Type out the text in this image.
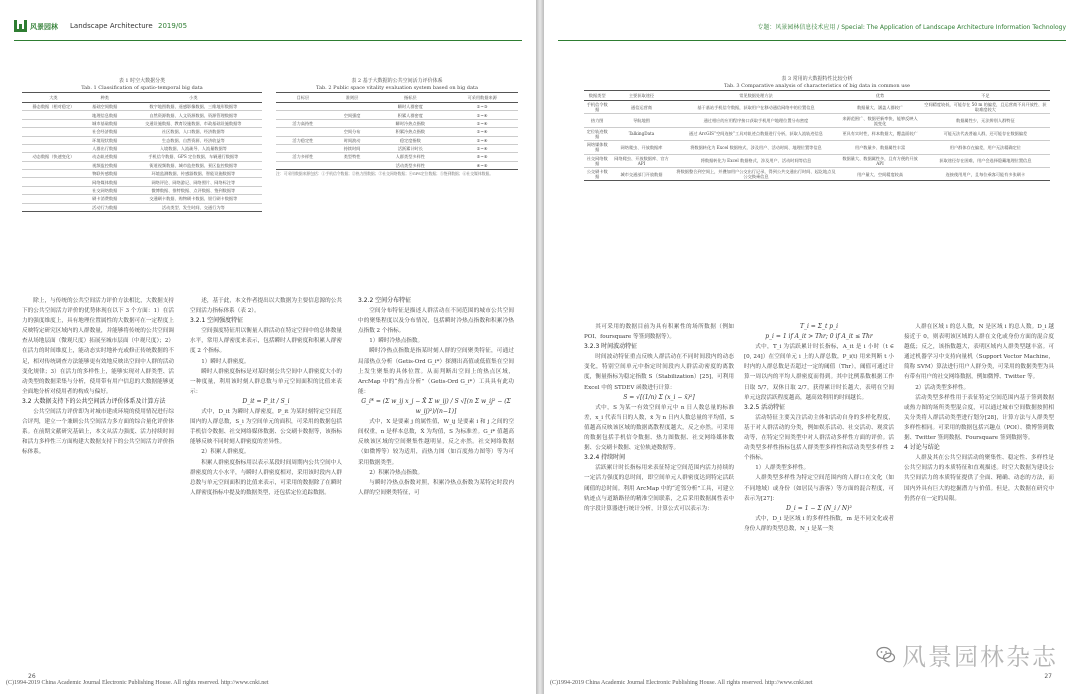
风景园林 Landscape Architecture 2019/05
表 1 时空大数据分类
Tab. 1 Classification of spatio-temporal big data
大类	种类	小类
静态数据（相对稳定）	基础空间数据	数字地图数据、遥感影像数据、三维地形数据等
	地理信息数据	自然资源数据、人文资源数据、资源管理数据等
	城市基础数据	交通设施数据、教育设施数据、市政基础设施数据等
	社会经济数据	社区数据、人口数据、经济数据等
	环境现状数据	生态数据、自然资源、经济收益等
	人群出行数据	入境数据、人流疏导、人流量数据等
动态数据（快速变化）	动态轨迹数据	手机信令数据、GPS 定位数据、车辆通行数据等
	视频监控数据	街道视频数据、城市监控数据、景区监控数据等
	物联传感数据	环境监测数据、传感器数据、智能设施数据等
	网络媒体数据	网络评论、网络游记、网络照片、网络标注等
	社交网络数据	微博数据、推特数据、点评数据、签到数据等
	刷卡消费数据	交通刷卡数据、购物刷卡数据、银行刷卡数据等
	活动行为数据	活动类型、发生时间、交通行为等
表 2 基于大数据的公共空间活力评价体系
Tab. 2 Public space vitality evaluation system based on big data
目标层	准则层	指标层	可采用数据来源
		瞬时人群密度	①~③
	空间强度	积累人群密度	①~④
活力高持性		瞬时冷热点指数	①~④
	空间分布	积累冷热点指数	①~④
活力稳定性	时间波动	稳定度指数	①~④
	持续时间	活跃累计时长	①~④
活力多样性	类型特性	人群类型多样性	⑤~⑥
		活动类型多样性	④~⑥
注：可采用数据来源包括：①手机信令数据；②热力图数据；③社交网络数据；④GPS定位数据；⑤签到数据；⑥社交媒体数据。

除上，与传统的公共空间活力评价方法相比，大数据支持下的公共空间活力评价的优势体现在以下 3 个方面：1）在活力的强度维度上，具有地理位置属性的大数据可在一定程度上反映特定研究区域内的人群数量，并能够将传统的公共空间调查从场地层面（微观尺度）拓展至城市层面（中观尺度）；2）在活力的时间维度上，能动态实时地补充或修正传统数据的不足，相对传统调查方法能够更有效地反映出空间中人群的活动变化规律；3）在活力的多样性上，能够实现对人群类型、活动类型的数据采集与分析，使用带有用户信息的大数据能够更全面地分析对使用者的构成与偏好。

3.2 大数据支持下的公共空间活力评价体系及计算方法

公共空间活力评价即为对城市建成环境的使用情况进行综合评判，建立一个兼顾公共空间活力多方面的综合量化评价体系。在前期文献研究基础上，本文从活力强度、活力持续时间和活力多样性三方面构建大数据支持下的公共空间活力评价指标体系。

述，基于此，本文作者提出以大数据为主要信息源的公共空间活力指标体系（表 2）。

3.2.1 空间强度特征

空间强度特征用以衡量人群活动在特定空间中的总体数量水平，常用人群密度来表示，包括瞬时人群密度和积累人群密度 2 个指标。

1）瞬时人群密度。

瞬时人群密度指标是对某时刻公共空间中人群密度大小的一种度量，利用该时刻人群总数与单元空间面积的比值来表示：

D_it = P_it / S_i

式中，D_it 为瞬时人群密度，P_it 为某时刻特定空间范围内的人群总数，S_i 为空间单元的面积，可采用的数据包括手机信令数据、社交网络媒体数据、公交刷卡数据等，该指标能够反映不同时刻人群密度的差异性。

2）积累人群密度。

积累人群密度指标用以表示某段时间周期内公共空间中人群密度的大小水平，与瞬时人群密度相对，采用该时段内人群总数与单元空间面积的比值来表示，可采用的数据除了在瞬时人群密度指标中提及的数据类型，还包括定位追踪数据。

3.2.2 空间分布特征

空间分布特征是描述人群活动在不同范围的城市公共空间中的聚集程度以及分布情况，包括瞬时冷热点指数和积累冷热点指数 2 个指标。

1）瞬时冷热点指数。

瞬时冷热点指数是指某时刻人群的空间聚类特征，可通过局部热点分析（Getis-Ord G_i*）探测出高值或低值集在空间上发生聚集的具体位置。从而判断出空间上的热点区域，ArcMap 中的“热点分析”（Getis-Ord G_i*）工具具有此功能：

G_i* = (Σ w_ij x_j − X̄ Σ w_ij) / S √[(n Σ w_ij² − (Σ w_ij)²)/(n−1)]

式中，X 是要素 j 的属性值，W_ij 是要素 i 和 j 之间的空间权重，n 是样本总数，X̄ 为均值，S 为标准差。G_i* 值越高反映该区域的空间聚集性越明显，反之亦然。社交网络数据（如微博等）较为适用，而热力图（如百度热力图等）等为可采用数据类型。

2）积累冷热点指数。

与瞬时冷热点指数对照，积累冷热点指数为某特定时段内人群的空间聚类特征，可

26
(C)1994-2019 China Academic Journal Electronic Publishing House. All rights reserved. http://www.cnki.net
专题：风景园林信息技术应用 / Special: The Application of Landscape Architecture Information Technology
表 3 常用的大数据特性比较分析
Tab. 3 Comparative analysis of characteristics of big data in common use
数据类型	主要获取途径	常见数据处理方法	优势	不足
手机信令数据	通信运营商	基于基站手机信令数据，获取用户在移动通信网络中的位置信息	数据量大、涵盖人群较广	空间精度较低，可能存在 50 m 的偏差，且运营商不具开放性、获取难度较大
热力图	导航地图	通过相应的应用程序接口获取手机用户地理位置分布密度	来源范围广、数据更新率快，能够反映人流变化	数据属性少，无法辨别人群特征
定位轨迹数据	TalkingData	通过 ArcGIS“空间连接”工具对轨迹点数据进行分析，获取人流轨迹信息	更具有实时性，样本数据大，覆盖面较广	可能无法代表普遍人群，还可能存在数据偏差
网络媒体数据	网络爬虫、开放数据库	将数据转化为 Excel 数据格式，涉及用户、活动时间、地理位置等信息	用户数量多、数据属性丰富	用户群体存在偏差，用户无法精确定位
社交网络数据	网络爬虫、开放数据库、官方 API	将数据转化为 Excel 数据格式，涉及用户、活动时间等信息	数据量大、数据属性多，且有方便的开放 API	获取途径存在困难，用户会选择隐藏地理位置信息
公交刷卡数据	城市交通部门开放数据	将数据整合到空间上，并叠加用户公交出行记录，得到公共交通出行时间、起讫地点及公交换乘信息	用户量大、空间精度较高	连接使用用户，且每位乘客可能有多张刷卡

其可采用的数据目前为具有积累性的场所数据（例如 POI、foursquare 等签到数据等）。

3.2.3 时间波动特征

时间波动特征重点反映人群活动在不同时间段内的动态变化，特别空间单元中指定时间段内人群活动密度的离散度，衡量指标为稳定指数 S（Stabilization）[25]，可利用 Excel 中的 STDEV 函数进行计算：

S = √[(1/n) Σ (x_i − x̄)²]

式中，S 为某一有效空间单元中 n 日人数总量的标准差，x_i 代表当日的人数，x̄ 为 n 日内人数总量的平均值，S 值越高反映该区域的数据离散程度越大，反之亦然。可采用的数据包括手机信令数据、热力图数据、社交网络媒体数据、公交刷卡数据、定位轨迹数据等。

3.2.4 持续时间

活跃累计时长指标用来表征特定空间范围内活力持续的一定活力强度的总时间，即空间单元人群密度达到特定活跃阈值的总时间。利用 ArcMap 中的“近邻分析”工具，可建立轨迹点与道路路径的精准空间联系，之后采用数据属性表中的字段计算器进行统计分析，计算公式可以表示为：

T_i = Σ_t p_i

p_i = 1 if A_it > Thr; 0 if A_it ≤ Thr

式中，T_i 为活跃累计时长指标，A_it 是 i 小时（t ∈ [0, 24]）在空间单元 i 上的人群总数，P_i(t) 用来判断 t 小时内的人群总数是否超过一定的阈值（Thr），阈值可通过计算一周以内的平均人群密度而得到。其中比例系数根据工作日取 5/7，双休日取 2/7，获得累计时长越大，表明在空间单元这段活跃程度越高，越高效利用的时间越长。

3.2.5 活动特征

活动特征主要关注活动主体和活动自身的多样化程度，基于对人群活动的分类，例如娱乐活动、社交活动、观赏活动等，在特定空间类型中对人群活动多样性方面的评价。活动类型多样性指标包括人群类型多样性和活动类型多样性 2 个指标。

1）人群类型多样性。

人群类型多样性为特定空间范围内的人群口在文化（如不同地域）或身份（如居民与游客）等方面的混合程度，可表示为[27]：

D_i = 1 − Σ (N_i / N)²

式中，D_i 是区域 i 的多样性指数，m 是不同文化或者身份人群的类型总数，N_i 是某一类

人群在区域 i 的总人数，N 是区域 i 的总人数。D_i 越接近于 0，则表明该区域的人群在文化或身份方面的混合度越低；反之，该指数越大，表明区域内人群类型越丰富。可通过机器学习中支持向量机（Support Vector Machine，简称 SVM）算法进行用户人群分类，可采用的数据类型为具有带有用户的社交网络数据，例如微博、Twitter 等。

2）活动类型多样性。

活动类型多样性用于表征特定空间范围内基于签到数据或热力图的场所类型混合度，可以通过城市空间数据按照相关分类将人群活动类型进行划分[28]，计算方法与人群类型多样性相同。可采用的数据包括兴趣点（POI）、微博签到数据、Twitter 签到数据、Foursquare 签到数据等。

4 讨论与结论

人群及其在公共空间活动的聚集性、稳定性、多样性是公共空间活力的本质特征和直观描述。时空大数据为建设公共空间活力的本质特征提供了全面、精确、动态的方法，而国内外具有巨大的挖掘潜力与价值。但是，大数据在研究中仍然存在一定的局限。

风景园林杂志
27
(C)1994-2019 China Academic Journal Electronic Publishing House. All rights reserved. http://www.cnki.net
